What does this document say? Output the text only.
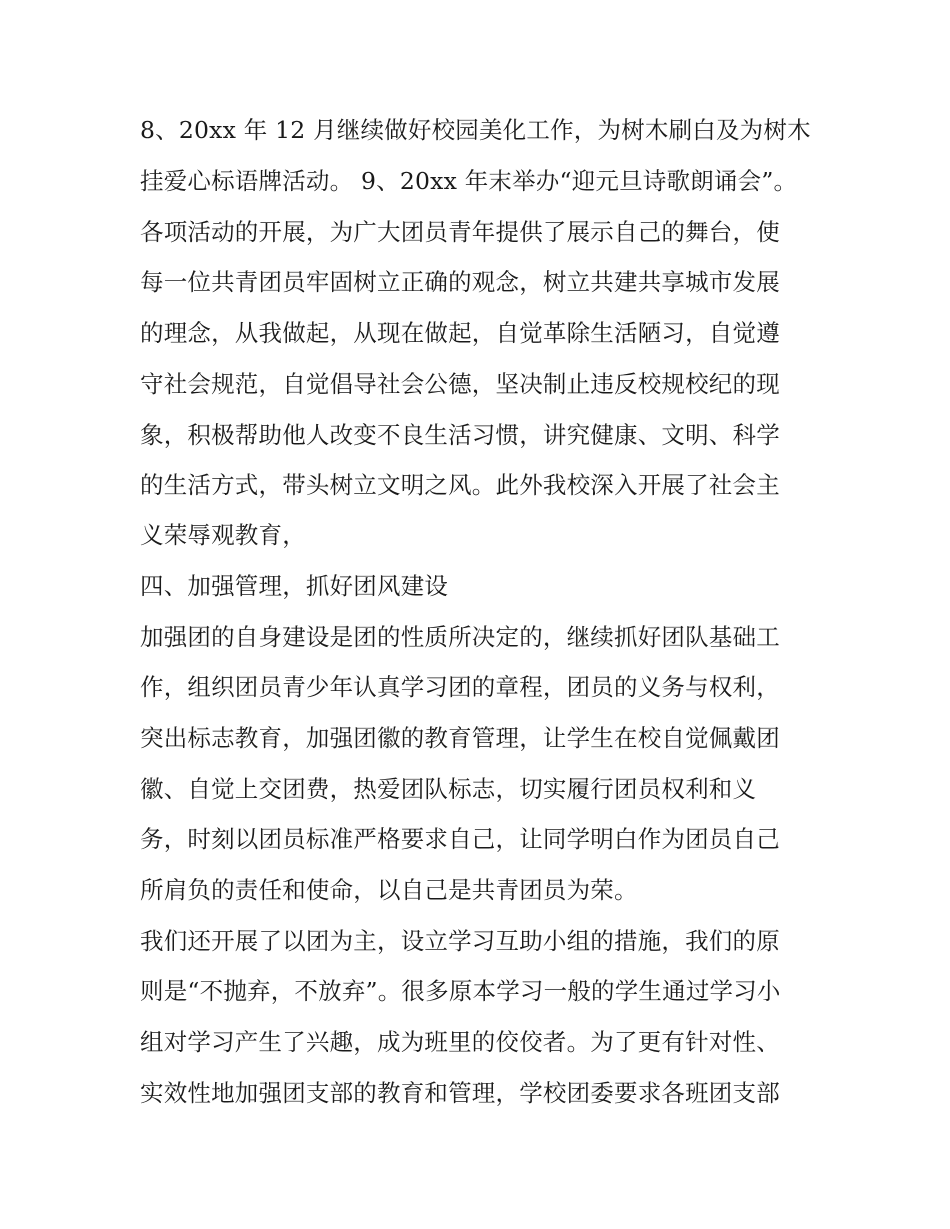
8、20xx 年 12 月继续做好校园美化工作，为树木刷白及为树木
挂爱心标语牌活动。 9、20xx 年末举办“迎元旦诗歌朗诵会”。
各项活动的开展，为广大团员青年提供了展示自己的舞台，使
每一位共青团员牢固树立正确的观念，树立共建共享城市发展
的理念，从我做起，从现在做起，自觉革除生活陋习，自觉遵
守社会规范，自觉倡导社会公德，坚决制止违反校规校纪的现
象，积极帮助他人改变不良生活习惯，讲究健康、文明、科学
的生活方式，带头树立文明之风。此外我校深入开展了社会主
义荣辱观教育，
四、加强管理，抓好团风建设
加强团的自身建设是团的性质所决定的，继续抓好团队基础工
作，组织团员青少年认真学习团的章程，团员的义务与权利，
突出标志教育，加强团徽的教育管理，让学生在校自觉佩戴团
徽、自觉上交团费，热爱团队标志，切实履行团员权利和义
务，时刻以团员标准严格要求自己，让同学明白作为团员自己
所肩负的责任和使命，以自己是共青团员为荣。
我们还开展了以团为主，设立学习互助小组的措施，我们的原
则是“不抛弃，不放弃”。很多原本学习一般的学生通过学习小
组对学习产生了兴趣，成为班里的佼佼者。为了更有针对性、
实效性地加强团支部的教育和管理，学校团委要求各班团支部
